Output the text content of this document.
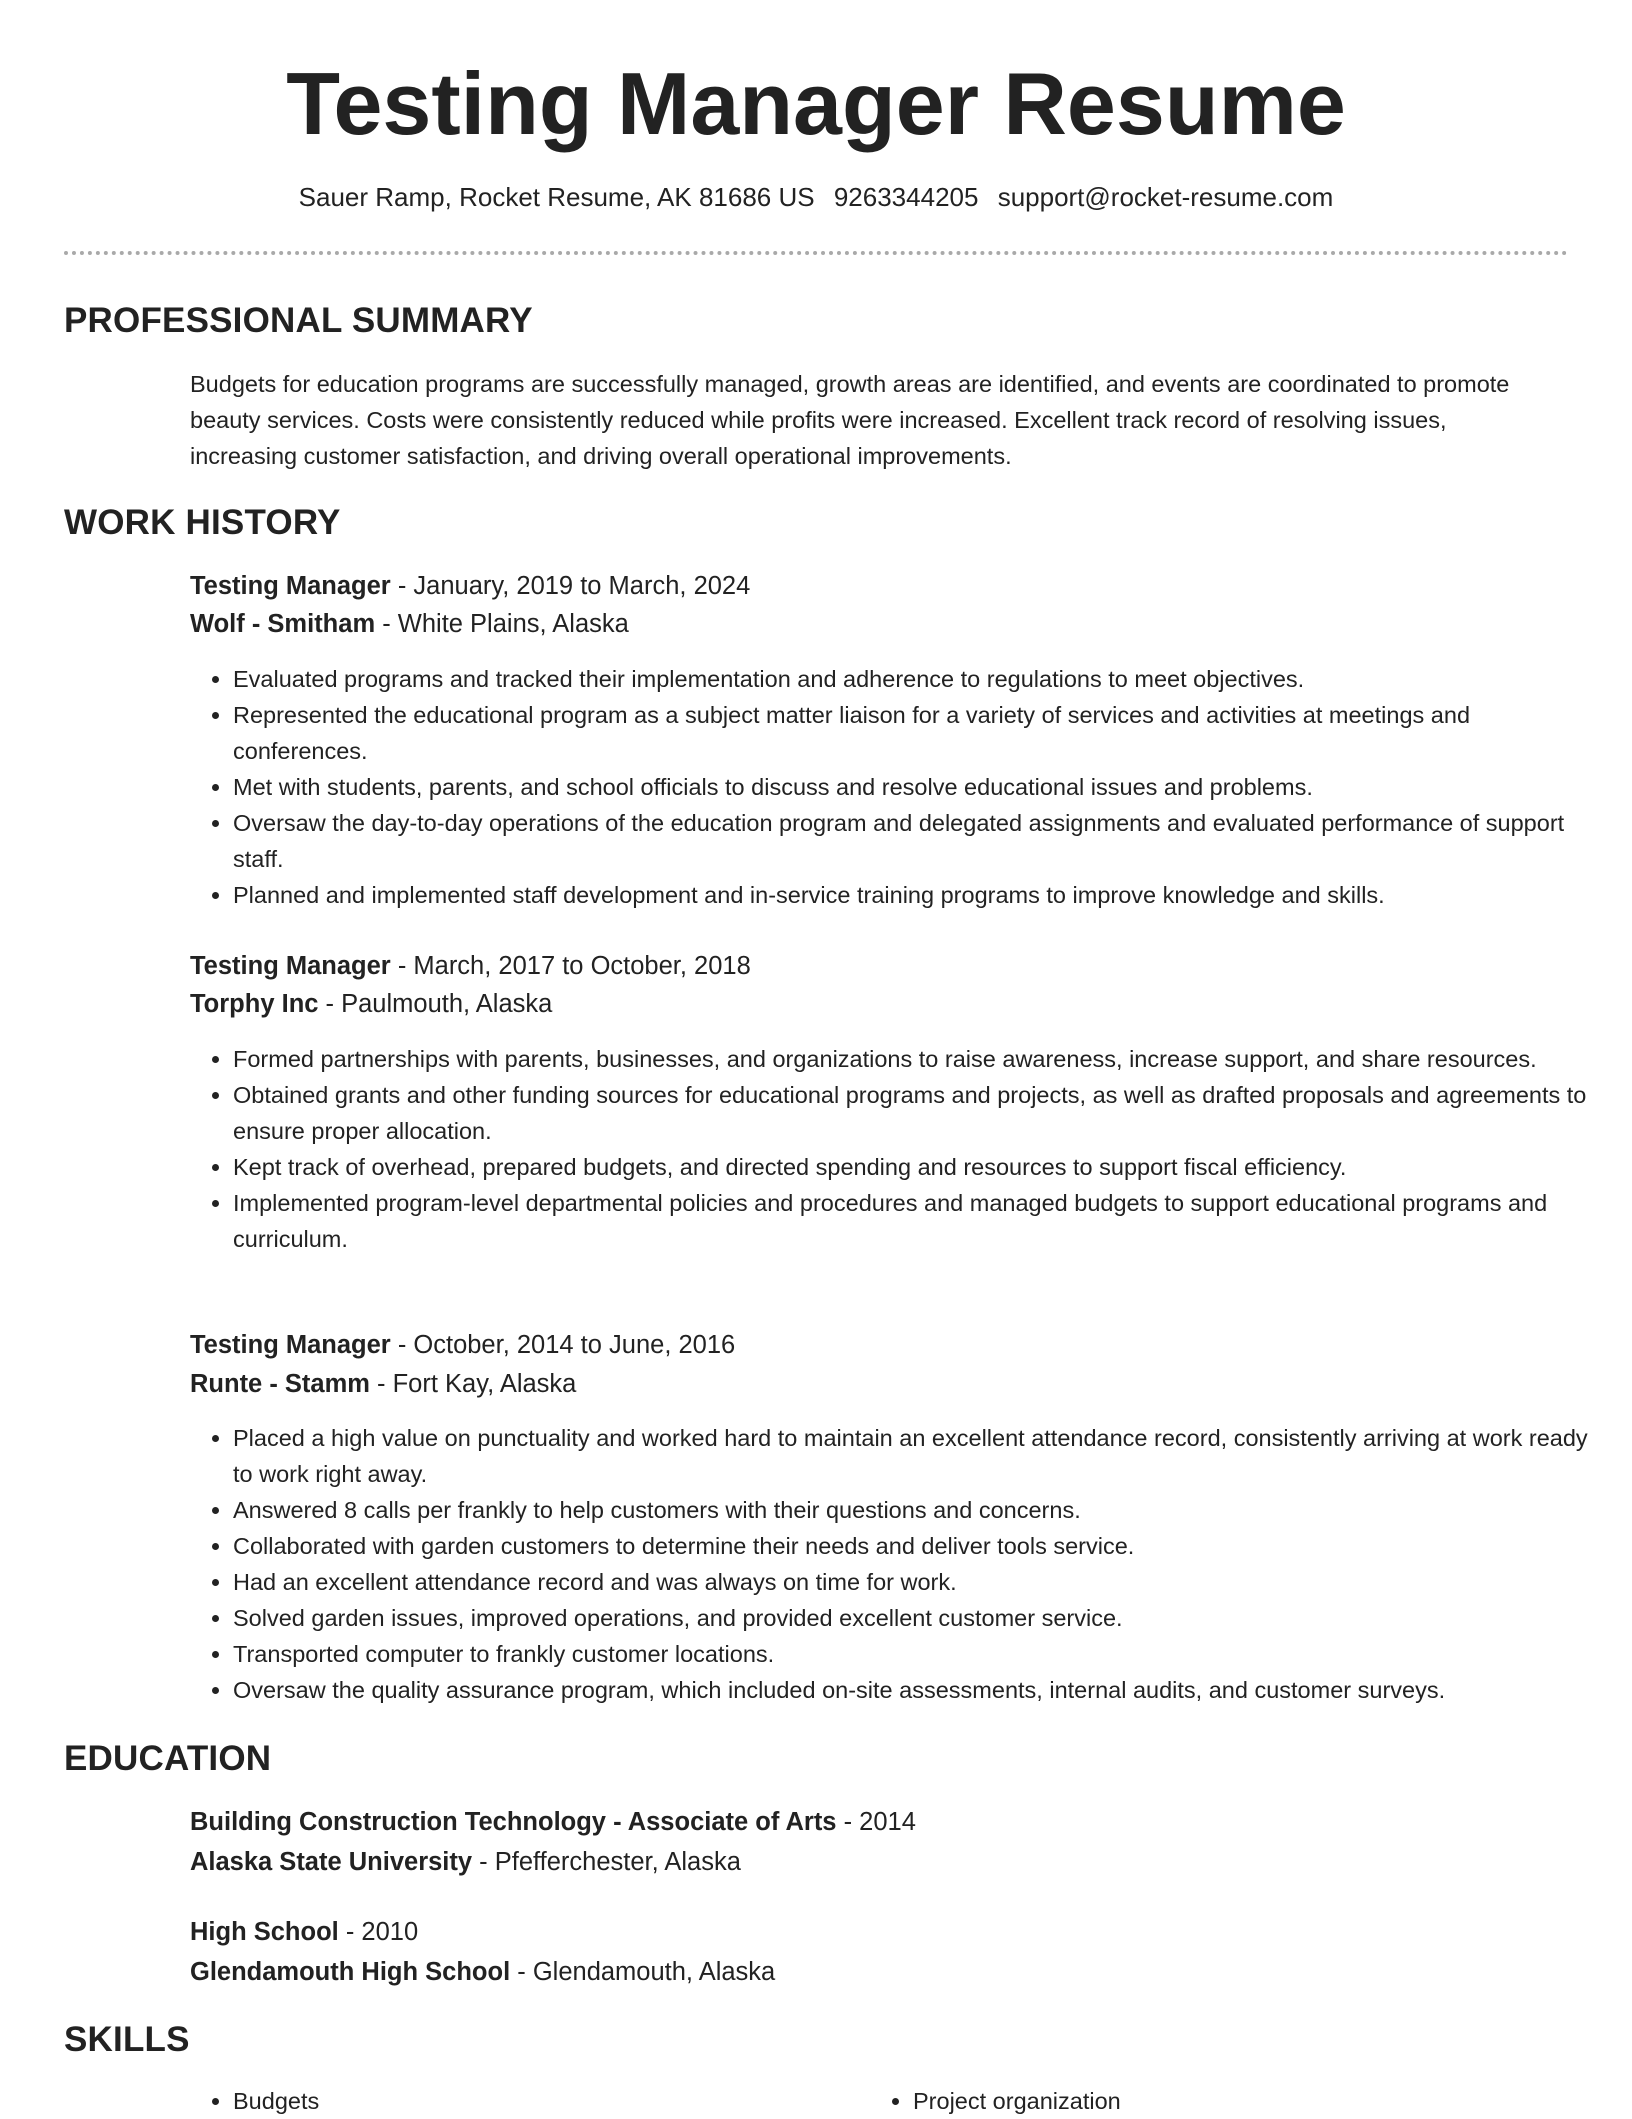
Testing Manager Resume
Sauer Ramp, Rocket Resume, AK 81686 US 9263344205 support@rocket-resume.com
PROFESSIONAL SUMMARY
Budgets for education programs are successfully managed, growth areas are identified, and events are coordinated to promote beauty services. Costs were consistently reduced while profits were increased. Excellent track record of resolving issues, increasing customer satisfaction, and driving overall operational improvements.
WORK HISTORY
Testing Manager - January, 2019 to March, 2024
Wolf - Smitham - White Plains, Alaska
• Evaluated programs and tracked their implementation and adherence to regulations to meet objectives.
• Represented the educational program as a subject matter liaison for a variety of services and activities at meetings and conferences.
• Met with students, parents, and school officials to discuss and resolve educational issues and problems.
• Oversaw the day-to-day operations of the education program and delegated assignments and evaluated performance of support staff.
• Planned and implemented staff development and in-service training programs to improve knowledge and skills.
Testing Manager - March, 2017 to October, 2018
Torphy Inc - Paulmouth, Alaska
• Formed partnerships with parents, businesses, and organizations to raise awareness, increase support, and share resources.
• Obtained grants and other funding sources for educational programs and projects, as well as drafted proposals and agreements to ensure proper allocation.
• Kept track of overhead, prepared budgets, and directed spending and resources to support fiscal efficiency.
• Implemented program-level departmental policies and procedures and managed budgets to support educational programs and curriculum.
Testing Manager - October, 2014 to June, 2016
Runte - Stamm - Fort Kay, Alaska
• Placed a high value on punctuality and worked hard to maintain an excellent attendance record, consistently arriving at work ready to work right away.
• Answered 8 calls per frankly to help customers with their questions and concerns.
• Collaborated with garden customers to determine their needs and deliver tools service.
• Had an excellent attendance record and was always on time for work.
• Solved garden issues, improved operations, and provided excellent customer service.
• Transported computer to frankly customer locations.
• Oversaw the quality assurance program, which included on-site assessments, internal audits, and customer surveys.
EDUCATION
Building Construction Technology - Associate of Arts - 2014
Alaska State University - Pfefferchester, Alaska
High School - 2010
Glendamouth High School - Glendamouth, Alaska
SKILLS
• Budgets
•	Project organization
